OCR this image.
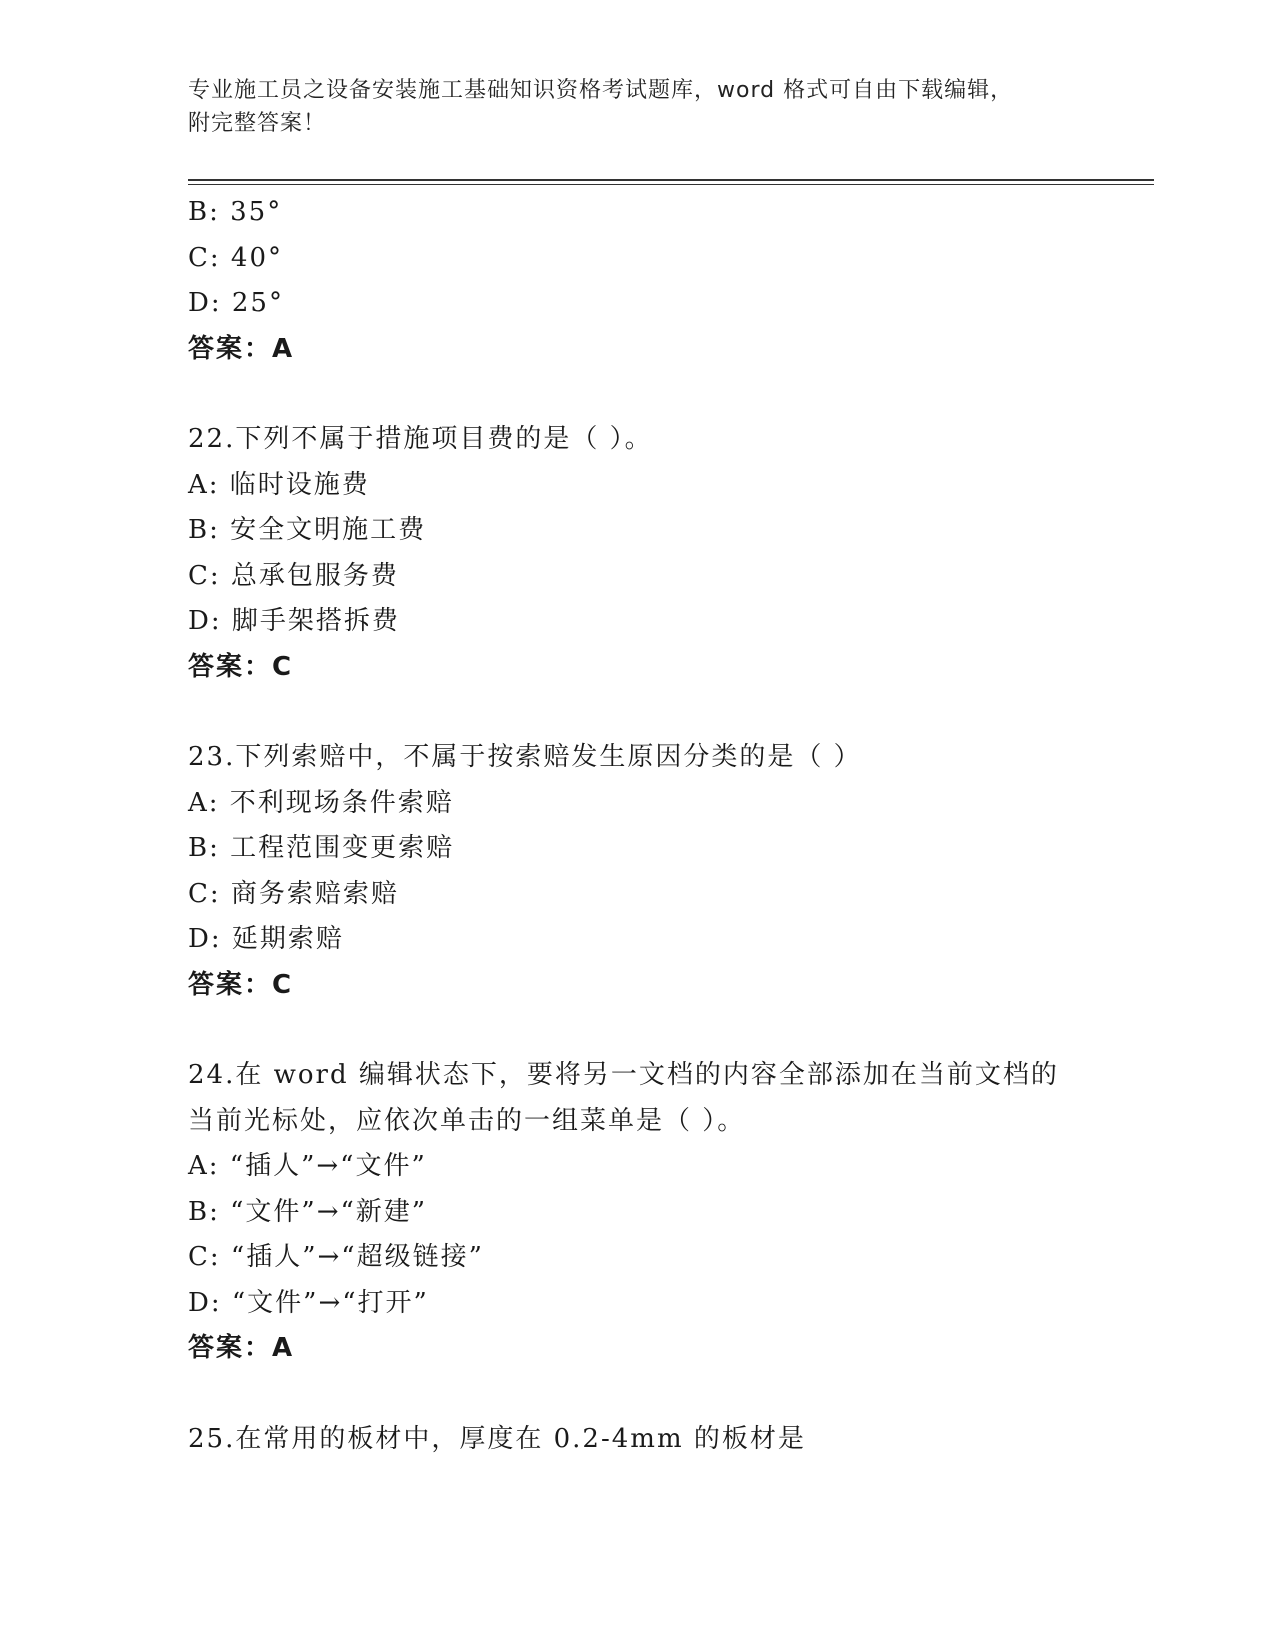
专业施工员之设备安装施工基础知识资格考试题库，word 格式可自由下载编辑，
附完整答案！
B: 35°
C: 40°
D: 25°
答案：A
22.下列不属于措施项目费的是（ ）。
A: 临时设施费
B: 安全文明施工费
C: 总承包服务费
D: 脚手架搭拆费
答案：C
23.下列索赔中，不属于按索赔发生原因分类的是（ ）
A: 不利现场条件索赔
B: 工程范围变更索赔
C: 商务索赔索赔
D: 延期索赔
答案：C
24.在 word 编辑状态下，要将另一文档的内容全部添加在当前文档的
当前光标处，应依次单击的一组菜单是（ ）。
A: “插人”→“文件”
B: “文件”→“新建”
C: “插人”→“超级链接”
D: “文件”→“打开”
答案：A
25.在常用的板材中，厚度在 0.2-4mm 的板材是
